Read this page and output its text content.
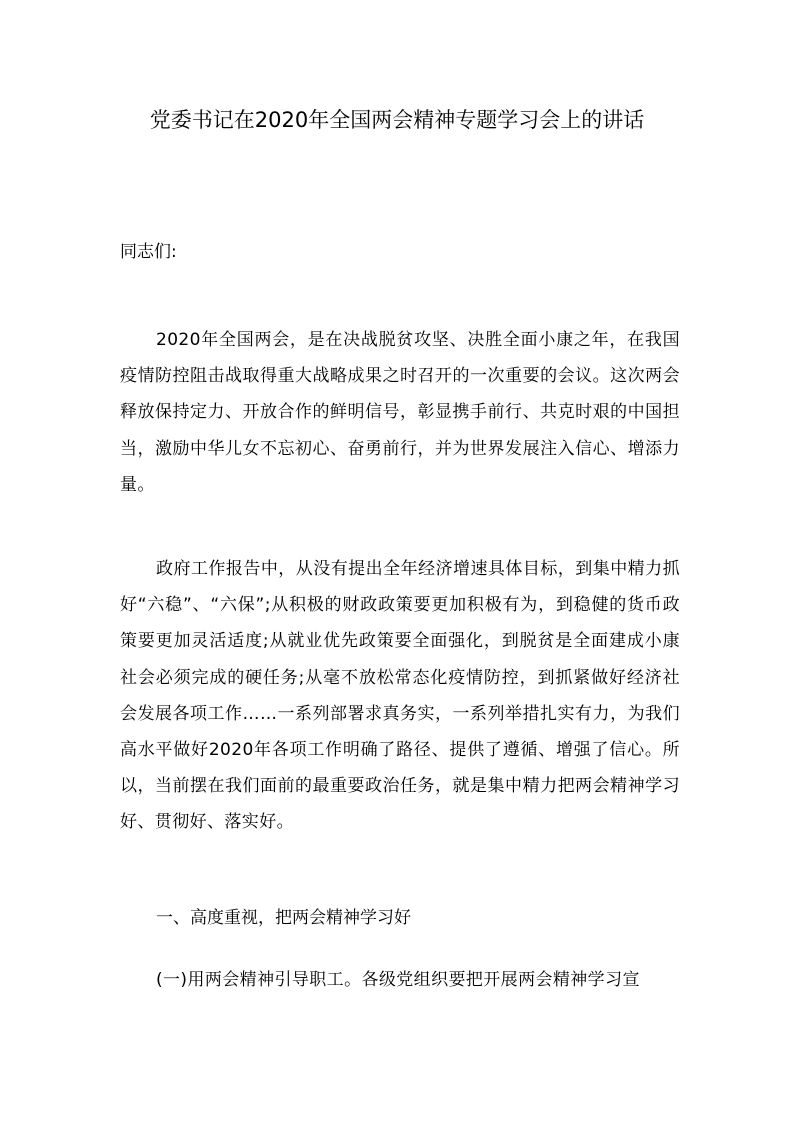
党委书记在2020年全国两会精神专题学习会上的讲话
同志们:

2020年全国两会，是在决战脱贫攻坚、决胜全面小康之年，在我国疫情防控阻击战取得重大战略成果之时召开的一次重要的会议。这次两会释放保持定力、开放合作的鲜明信号，彰显携手前行、共克时艰的中国担当，激励中华儿女不忘初心、奋勇前行，并为世界发展注入信心、增添力量。

政府工作报告中，从没有提出全年经济增速具体目标，到集中精力抓好“六稳”、“六保”;从积极的财政政策要更加积极有为，到稳健的货币政策要更加灵活适度;从就业优先政策要全面强化，到脱贫是全面建成小康社会必须完成的硬任务;从毫不放松常态化疫情防控，到抓紧做好经济社会发展各项工作……一系列部署求真务实，一系列举措扎实有力，为我们高水平做好2020年各项工作明确了路径、提供了遵循、增强了信心。所以，当前摆在我们面前的最重要政治任务，就是集中精力把两会精神学习好、贯彻好、落实好。

一、高度重视，把两会精神学习好

(一)用两会精神引导职工。各级党组织要把开展两会精神学习宣
